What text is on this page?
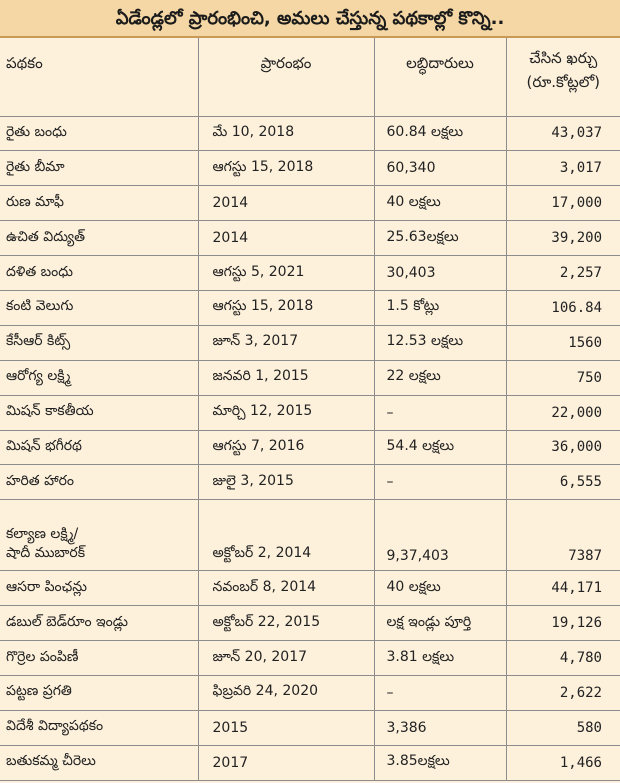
ఏడేండ్లలో ప్రారంభించి, అమలు చేస్తున్న పథకాల్లో కొన్ని..
పథకం	ప్రారంభం	లబ్ధిదారులు	చేసిన ఖర్చు
(రూ.కోట్లలో)

రైతు బంధు	మే 10, 2018	60.84 లక్షలు	43,037
రైతు బీమా	ఆగస్టు 15, 2018	60,340	3,017
రుణ మాఫీ	2014	40 లక్షలు	17,000
ఉచిత విద్యుత్	2014	25.63లక్షలు	39,200
దళిత బంధు	ఆగస్టు 5, 2021	30,403	2,257
కంటి వెలుగు	ఆగస్టు 15, 2018	1.5 కోట్లు	106.84
కేసీఆర్ కిట్స్	జూన్ 3, 2017	12.53 లక్షలు	1560
ఆరోగ్య లక్ష్మి	జనవరి 1, 2015	22 లక్షలు	750
మిషన్ కాకతీయ	మార్చి 12, 2015	–	22,000
మిషన్ భగీరథ	ఆగస్టు 7, 2016	54.4 లక్షలు	36,000
హరిత హారం	జులై 3, 2015	–	6,555

కల్యాణ లక్ష్మి/
షాదీ ముబారక్	అక్టోబర్ 2, 2014	9,37,403	7387
ఆసరా పింఛన్లు	నవంబర్ 8, 2014	40 లక్షలు	44,171
డబుల్ బెడ్‌రూం ఇండ్లు	అక్టోబర్ 22, 2015	లక్ష ఇండ్లు పూర్తి	19,126
గొర్రెల పంపిణీ	జూన్ 20, 2017	3.81 లక్షలు	4,780
పట్టణ ప్రగతి	ఫిబ్రవరి 24, 2020	–	2,622
విదేశీ విద్యాపథకం	2015	3,386	580
బతుకమ్మ చీరెలు	2017	3.85లక్షలు	1,466
